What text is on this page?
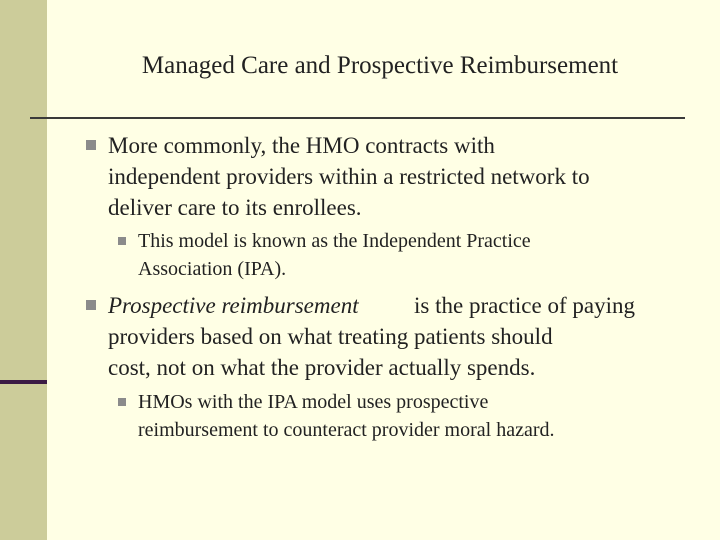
Managed Care and Prospective Reimbursement
More commonly, the HMO contracts with
independent providers within a restricted network to
deliver care to its enrollees.
This model is known as the Independent Practice
Association (IPA).
Prospective reimbursement is the practice of paying
providers based on what treating patients should
cost, not on what the provider actually spends.
HMOs with the IPA model uses prospective
reimbursement to counteract provider moral hazard.
